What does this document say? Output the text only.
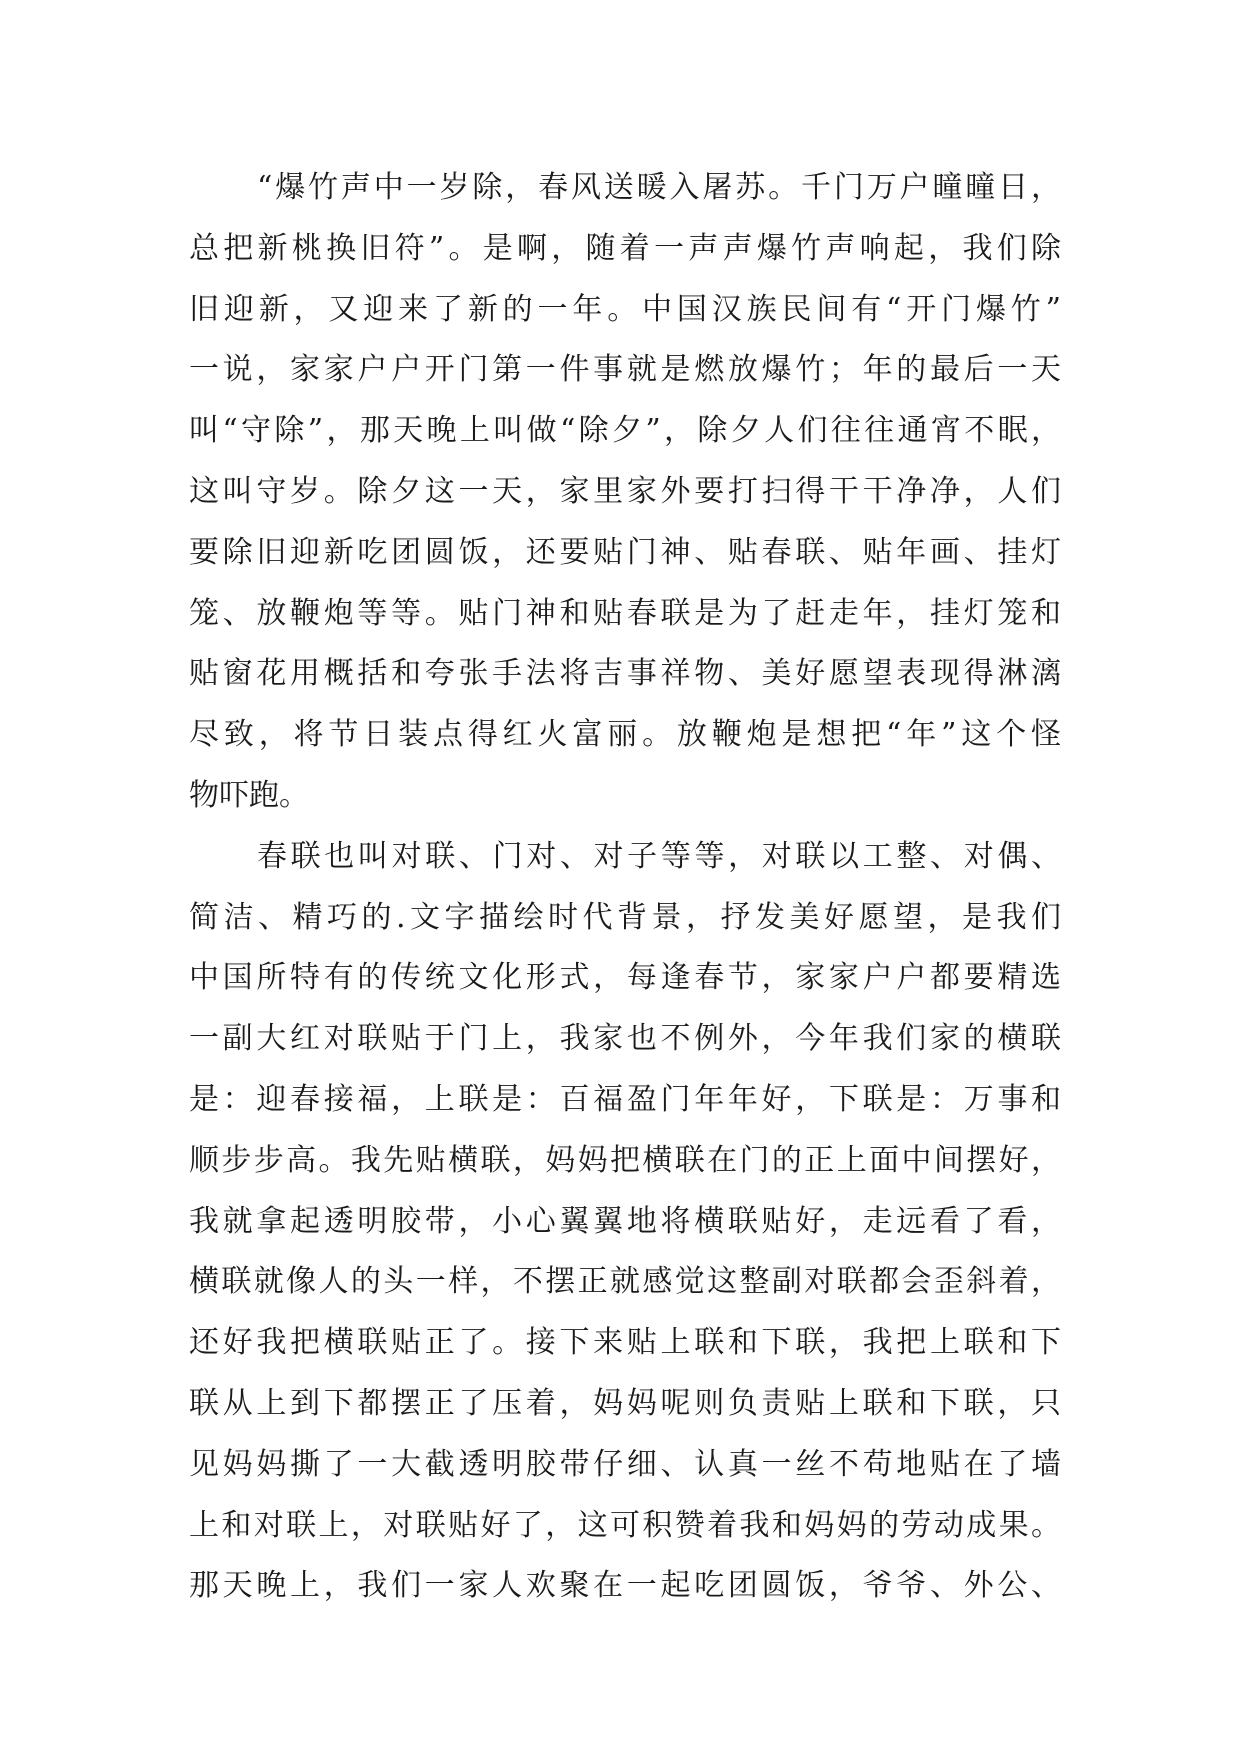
“爆竹声中一岁除，春风送暖入屠苏。千门万户曈曈日，
总把新桃换旧符”。是啊，随着一声声爆竹声响起，我们除
旧迎新，又迎来了新的一年。中国汉族民间有“开门爆竹”
一说，家家户户开门第一件事就是燃放爆竹；年的最后一天
叫“守除”，那天晚上叫做“除夕”，除夕人们往往通宵不眠，
这叫守岁。除夕这一天，家里家外要打扫得干干净净，人们
要除旧迎新吃团圆饭，还要贴门神、贴春联、贴年画、挂灯
笼、放鞭炮等等。贴门神和贴春联是为了赶走年，挂灯笼和
贴窗花用概括和夸张手法将吉事祥物、美好愿望表现得淋漓
尽致，将节日装点得红火富丽。放鞭炮是想把“年”这个怪
物吓跑。
春联也叫对联、门对、对子等等，对联以工整、对偶、
简洁、精巧的.文字描绘时代背景，抒发美好愿望，是我们
中国所特有的传统文化形式，每逢春节，家家户户都要精选
一副大红对联贴于门上，我家也不例外，今年我们家的横联
是：迎春接福，上联是：百福盈门年年好，下联是：万事和
顺步步高。我先贴横联，妈妈把横联在门的正上面中间摆好，
我就拿起透明胶带，小心翼翼地将横联贴好，走远看了看，
横联就像人的头一样，不摆正就感觉这整副对联都会歪斜着，
还好我把横联贴正了。接下来贴上联和下联，我把上联和下
联从上到下都摆正了压着，妈妈呢则负责贴上联和下联，只
见妈妈撕了一大截透明胶带仔细、认真一丝不苟地贴在了墙
上和对联上，对联贴好了，这可积赞着我和妈妈的劳动成果。
那天晚上，我们一家人欢聚在一起吃团圆饭，爷爷、外公、
